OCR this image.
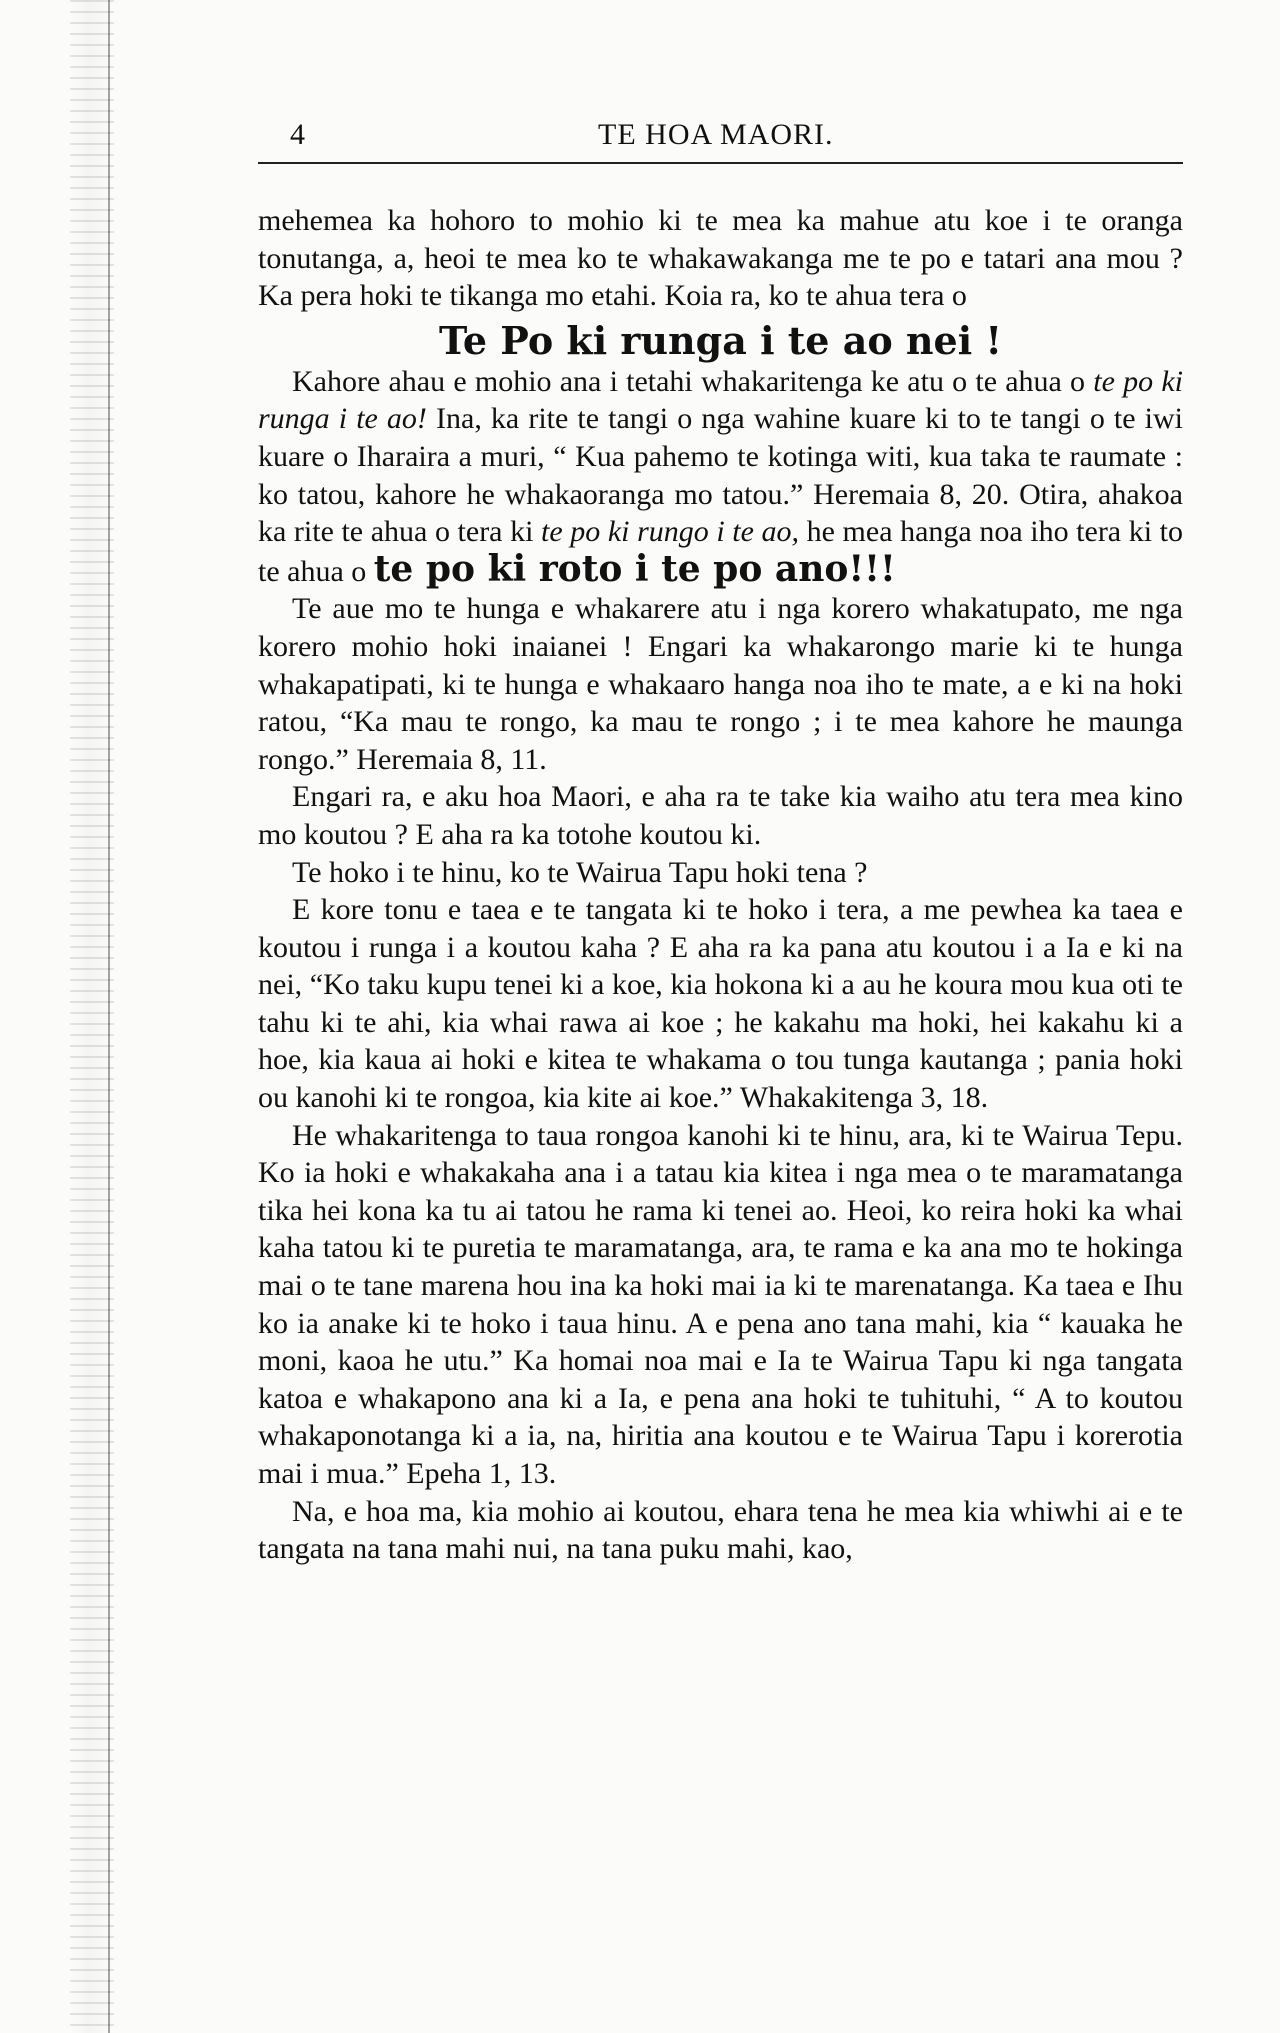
4	TE HOA MAORI.

mehemea ka hohoro to mohio ki te mea ka mahue atu koe i te oranga tonutanga, a, heoi te mea ko te whakawakanga me te po e tatari ana mou ? Ka pera hoki te tikanga mo etahi. Koia ra, ko te ahua tera o

Te Po ki runga i te ao nei !

Kahore ahau e mohio ana i tetahi whakaritenga ke atu o te ahua o te po ki runga i te ao! Ina, ka rite te tangi o nga wahine kuare ki to te tangi o te iwi kuare o Iharaira a muri, “ Kua pahemo te kotinga witi, kua taka te raumate : ko tatou, kahore he whakaoranga mo tatou.” Heremaia 8, 20. Otira, ahakoa ka rite te ahua o tera ki te po ki rungo i te ao, he mea hanga noa iho tera ki to te ahua o te po ki roto i te po ano!!!

Te aue mo te hunga e whakarere atu i nga korero whakatupato, me nga korero mohio hoki inaianei ! Engari ka whakarongo marie ki te hunga whakapatipati, ki te hunga e whakaaro hanga noa iho te mate, a e ki na hoki ratou, “Ka mau te rongo, ka mau te rongo ; i te mea kahore he maunga rongo.” Heremaia 8, 11.

Engari ra, e aku hoa Maori, e aha ra te take kia waiho atu tera mea kino mo koutou ? E aha ra ka totohe koutou ki.

Te hoko i te hinu, ko te Wairua Tapu hoki tena ?

E kore tonu e taea e te tangata ki te hoko i tera, a me pewhea ka taea e koutou i runga i a koutou kaha ? E aha ra ka pana atu koutou i a Ia e ki na nei, “Ko taku kupu tenei ki a koe, kia hokona ki a au he koura mou kua oti te tahu ki te ahi, kia whai rawa ai koe ; he kakahu ma hoki, hei kakahu ki a hoe, kia kaua ai hoki e kitea te whakama o tou tunga kautanga ; pania hoki ou kanohi ki te rongoa, kia kite ai koe.” Whakakitenga 3, 18.

He whakaritenga to taua rongoa kanohi ki te hinu, ara, ki te Wairua Tepu. Ko ia hoki e whakakaha ana i a tatau kia kitea i nga mea o te maramatanga tika hei kona ka tu ai tatou he rama ki tenei ao. Heoi, ko reira hoki ka whai kaha tatou ki te puretia te maramatanga, ara, te rama e ka ana mo te hokinga mai o te tane marena hou ina ka hoki mai ia ki te marenatanga. Ka taea e Ihu ko ia anake ki te hoko i taua hinu. A e pena ano tana mahi, kia “ kauaka he moni, kaoa he utu.” Ka homai noa mai e Ia te Wairua Tapu ki nga tangata katoa e whakapono ana ki a Ia, e pena ana hoki te tuhituhi, “ A to koutou whakaponotanga ki a ia, na, hiritia ana koutou e te Wairua Tapu i korerotia mai i mua.” Epeha 1, 13.

Na, e hoa ma, kia mohio ai koutou, ehara tena he mea kia whiwhi ai e te tangata na tana mahi nui, na tana puku mahi, kao,
